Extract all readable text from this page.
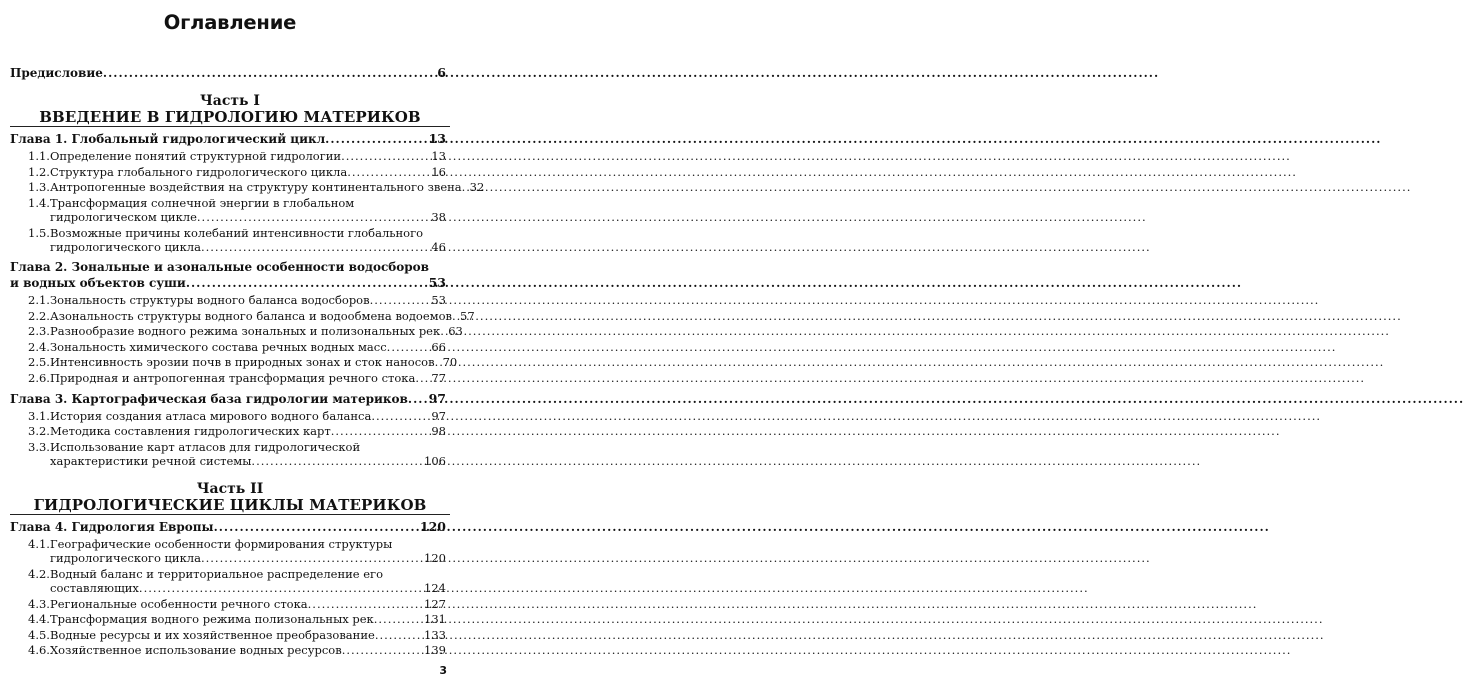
Оглавление
Предисловие .....	6
Часть I
ВВЕДЕНИЕ В ГИДРОЛОГИЮ МАТЕРИКОВ
Глава 1. Глобальный гидрологический цикл .....	13
1.1. Определение понятий структурной гидрологии .....	13
1.2. Структура глобального гидрологического цикла .....	16
1.3. Антропогенные воздействия на структуру континентального звена ..... 32
1.4. Трансформация солнечной энергии в глобальном
гидрологическом цикле .....	38
1.5. Возможные причины колебаний интенсивности глобального
гидрологического цикла .....	46
Глава 2. Зональные и азональные особенности водосборов
и водных объектов суши .....	53
2.1. Зональность структуры водного баланса водосборов .....	53
2.2. Азональность структуры водного баланса и водообмена водоемов ..... 57
2.3. Разнообразие водного режима зональных и полизональных рек ..... 63
2.4. Зональность химического состава речных водных масс .....	66
2.5. Интенсивность эрозии почв в природных зонах и сток наносов ..... 70
2.6. Природная и антропогенная трансформация речного стока ..... 77
Глава 3. Картографическая база гидрологии материков ..... 97
3.1. История создания атласа мирового водного баланса .....	97
3.2. Методика составления гидрологических карт .....	98
3.3. Использование карт атласов для гидрологической
характеристики речной системы .....	106
Часть II
ГИДРОЛОГИЧЕСКИЕ ЦИКЛЫ МАТЕРИКОВ
Глава 4. Гидрология Европы .....	120
4.1. Географические особенности формирования структуры
гидрологического цикла .....	120
4.2. Водный баланс и территориальное распределение его
составляющих .....	124
4.3. Региональные особенности речного стока .....	127
4.4. Трансформация водного режима полизональных рек .....	131
4.5. Водные ресурсы и их хозяйственное преобразование .....	133
4.6. Хозяйственное использование водных ресурсов .....	139
3
